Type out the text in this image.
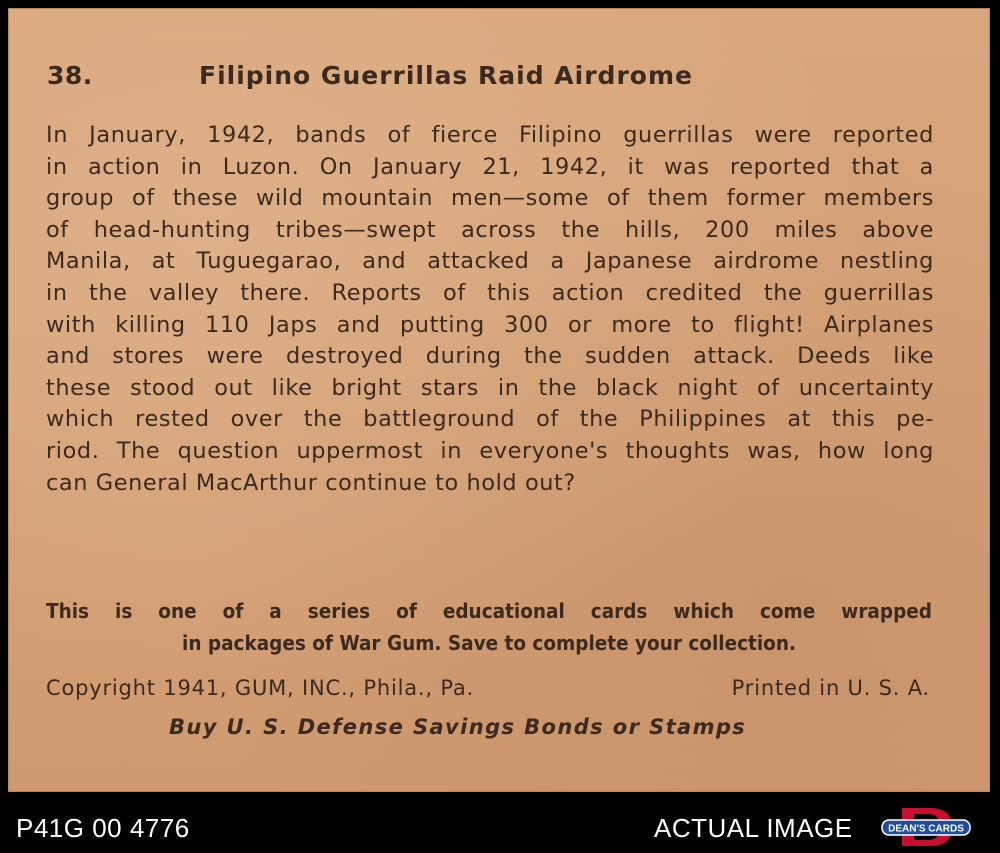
38.	Filipino Guerrillas Raid Airdrome
In January, 1942, bands of fierce Filipino guerrillas were reported
in action in Luzon. On January 21, 1942, it was reported that a
group of these wild mountain men—some of them former members
of head-hunting tribes—swept across the hills, 200 miles above
Manila, at Tuguegarao, and attacked a Japanese airdrome nestling
in the valley there. Reports of this action credited the guerrillas
with killing 110 Japs and putting 300 or more to flight! Airplanes
and stores were destroyed during the sudden attack. Deeds like
these stood out like bright stars in the black night of uncertainty
which rested over the battleground of the Philippines at this pe-
riod. The question uppermost in everyone's thoughts was, how long
can General MacArthur continue to hold out?
This is one of a series of educational cards which come wrapped
in packages of War Gum. Save to complete your collection.
Copyright 1941, GUM, INC., Phila., Pa.	Printed in U. S. A.
Buy U. S. Defense Savings Bonds or Stamps
P41G 00 4776	ACTUAL IMAGE	DEAN'S CARDS
